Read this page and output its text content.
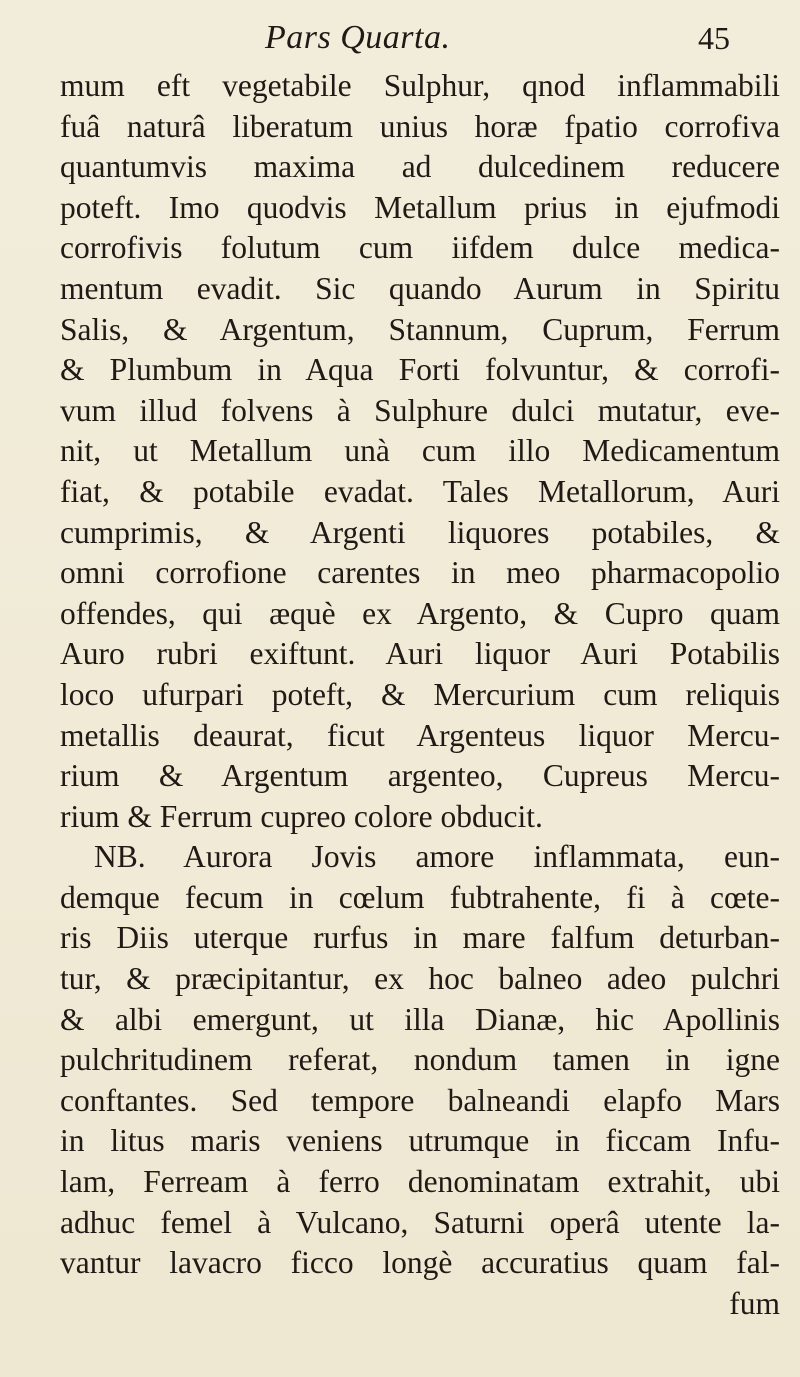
Pars Quarta.	45
mum eft vegetabile Sulphur, qnod inflammabili
fuâ naturâ liberatum unius horæ fpatio corrofiva
quantumvis maxima ad dulcedinem reducere
poteft. Imo quodvis Metallum prius in ejufmodi
corrofivis folutum cum iifdem dulce medica-
mentum evadit. Sic quando Aurum in Spiritu
Salis, & Argentum, Stannum, Cuprum, Ferrum
& Plumbum in Aqua Forti folvuntur, & corrofi-
vum illud folvens à Sulphure dulci mutatur, eve-
nit, ut Metallum unà cum illo Medicamentum
fiat, & potabile evadat. Tales Metallorum, Auri
cumprimis, & Argenti liquores potabiles, &
omni corrofione carentes in meo pharmacopolio
offendes, qui æquè ex Argento, & Cupro quam
Auro rubri exiftunt. Auri liquor Auri Potabilis
loco ufurpari poteft, & Mercurium cum reliquis
metallis deaurat, ficut Argenteus liquor Mercu-
rium & Argentum argenteo, Cupreus Mercu-
rium & Ferrum cupreo colore obducit.
NB. Aurora Jovis amore inflammata, eun-
demque fecum in cœlum fubtrahente, fi à cœte-
ris Diis uterque rurfus in mare falfum deturban-
tur, & præcipitantur, ex hoc balneo adeo pulchri
& albi emergunt, ut illa Dianæ, hic Apollinis
pulchritudinem referat, nondum tamen in igne
conftantes. Sed tempore balneandi elapfo Mars
in litus maris veniens utrumque in ficcam Infu-
lam, Ferream à ferro denominatam extrahit, ubi
adhuc femel à Vulcano, Saturni operâ utente la-
vantur lavacro ficco longè accuratius quam fal-
fum
